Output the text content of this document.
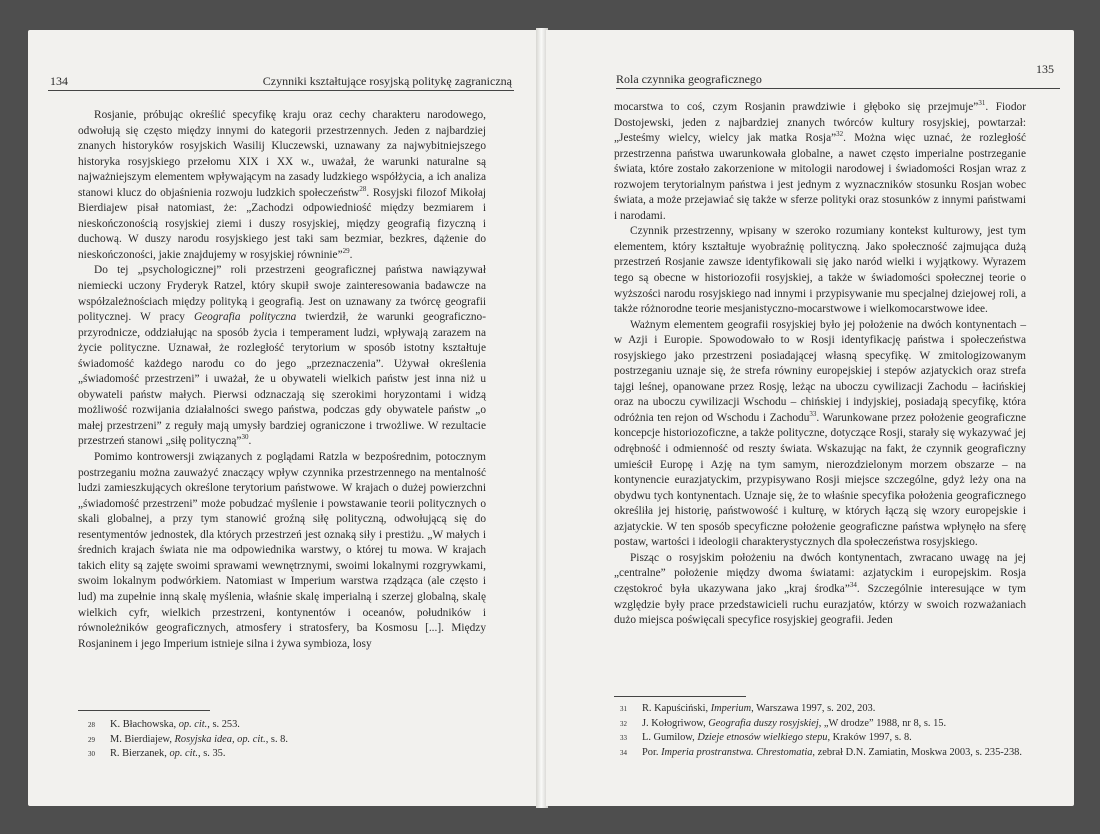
134	Czynniki kształtujące rosyjską politykę zagraniczną

Rosjanie, próbując określić specyfikę kraju oraz cechy charakteru narodowego, odwołują się często między innymi do kategorii przestrzennych. Jeden z najbardziej znanych historyków rosyjskich Wasilij Kluczewski, uznawany za najwybitniejszego historyka rosyjskiego przełomu XIX i XX w., uważał, że warunki naturalne są najważniejszym elementem wpływającym na zasady ludzkiego współżycia, a ich analiza stanowi klucz do objaśnienia rozwoju ludzkich społeczeństw$^{28}$. Rosyjski filozof Mikołaj Bierdiajew pisał natomiast, że: „Zachodzi odpowiedniość między bezmiarem i nieskończonością rosyjskiej ziemi i duszy rosyjskiej, między geografią fizyczną i duchową. W duszy narodu rosyjskiego jest taki sam bezmiar, bezkres, dążenie do nieskończoności, jakie znajdujemy w rosyjskiej równinie”$^{29}$.

Do tej „psychologicznej” roli przestrzeni geograficznej państwa nawiązywał niemiecki uczony Fryderyk Ratzel, który skupił swoje zainteresowania badawcze na współzależnościach między polityką i geografią. Jest on uznawany za twórcę geografii politycznej. W pracy Geografia polityczna twierdził, że warunki geograficzno-przyrodnicze, oddziałując na sposób życia i temperament ludzi, wpływają zarazem na życie polityczne. Uznawał, że rozległość terytorium w sposób istotny kształtuje świadomość każdego narodu co do jego „przeznaczenia”. Używał określenia „świadomość przestrzeni” i uważał, że u obywateli wielkich państw jest inna niż u obywateli państw małych. Pierwsi odznaczają się szerokimi horyzontami i widzą możliwość rozwijania działalności swego państwa, podczas gdy obywatele państw „o małej przestrzeni” z reguły mają umysły bardziej ograniczone i trwożliwe. W rezultacie przestrzeń stanowi „siłę polityczną”$^{30}$.

Pomimo kontrowersji związanych z poglądami Ratzla w bezpośrednim, potocznym postrzeganiu można zauważyć znaczący wpływ czynnika przestrzennego na mentalność ludzi zamieszkujących określone terytorium państwowe. W krajach o dużej powierzchni „świadomość przestrzeni” może pobudzać myślenie i powstawanie teorii politycznych o skali globalnej, a przy tym stanowić groźną siłę polityczną, odwołującą się do resentymentów jednostek, dla których przestrzeń jest oznaką siły i prestiżu. „W małych i średnich krajach świata nie ma odpowiednika warstwy, o której tu mowa. W krajach takich elity są zajęte swoimi sprawami wewnętrznymi, swoimi lokalnymi rozgrywkami, swoim lokalnym podwórkiem. Natomiast w Imperium warstwa rządząca (ale często i lud) ma zupełnie inną skalę myślenia, właśnie skalę imperialną i szerzej globalną, skalę wielkich cyfr, wielkich przestrzeni, kontynentów i oceanów, południków i równoleżników geograficznych, atmosfery i stratosfery, ba Kosmosu [...]. Między Rosjaninem i jego Imperium istnieje silna i żywa symbioza, losy

28	K. Błachowska, op. cit., s. 253.
29	M. Bierdiajew, Rosyjska idea, op. cit., s. 8.
30	R. Bierzanek, op. cit., s. 35.
Rola czynnika geograficznego
135

mocarstwa to coś, czym Rosjanin prawdziwie i głęboko się przejmuje”$^{31}$. Fiodor Dostojewski, jeden z najbardziej znanych twórców kultury rosyjskiej, powtarzał: „Jesteśmy wielcy, wielcy jak matka Rosja”$^{32}$. Można więc uznać, że rozległość przestrzenna państwa uwarunkowała globalne, a nawet często imperialne postrzeganie świata, które zostało zakorzenione w mitologii narodowej i świadomości Rosjan wraz z rozwojem terytorialnym państwa i jest jednym z wyznaczników stosunku Rosjan wobec świata, a może przejawiać się także w sferze polityki oraz stosunków z innymi państwami i narodami.

Czynnik przestrzenny, wpisany w szeroko rozumiany kontekst kulturowy, jest tym elementem, który kształtuje wyobraźnię polityczną. Jako społeczność zajmująca dużą przestrzeń Rosjanie zawsze identyfikowali się jako naród wielki i wyjątkowy. Wyrazem tego są obecne w historiozofii rosyjskiej, a także w świadomości społecznej teorie o wyższości narodu rosyjskiego nad innymi i przypisywanie mu specjalnej dziejowej roli, a także różnorodne teorie mesjanistyczno-mocarstwowe i wielkomocarstwowe idee.

Ważnym elementem geografii rosyjskiej było jej położenie na dwóch kontynentach – w Azji i Europie. Spowodowało to w Rosji identyfikację państwa i społeczeństwa rosyjskiego jako przestrzeni posiadającej własną specyfikę. W zmitologizowanym postrzeganiu uznaje się, że strefa równiny europejskiej i stepów azjatyckich oraz strefa tajgi leśnej, opanowane przez Rosję, leżąc na uboczu cywilizacji Zachodu – łacińskiej oraz na uboczu cywilizacji Wschodu – chińskiej i indyjskiej, posiadają specyfikę, która odróżnia ten rejon od Wschodu i Zachodu$^{33}$. Warunkowane przez położenie geograficzne koncepcje historiozoficzne, a także polityczne, dotyczące Rosji, starały się wykazywać jej odrębność i odmienność od reszty świata. Wskazując na fakt, że czynnik geograficzny umieścił Europę i Azję na tym samym, nierozdzielonym morzem obszarze – na kontynencie eurazjatyckim, przypisywano Rosji miejsce szczególne, gdyż leży ona na obydwu tych kontynentach. Uznaje się, że to właśnie specyfika położenia geograficznego określiła jej historię, państwowość i kulturę, w których łączą się wzory europejskie i azjatyckie. W ten sposób specyficzne położenie geograficzne państwa wpłynęło na sferę postaw, wartości i ideologii charakterystycznych dla społeczeństwa rosyjskiego.

Pisząc o rosyjskim położeniu na dwóch kontynentach, zwracano uwagę na jej „centralne” położenie między dwoma światami: azjatyckim i europejskim. Rosja częstokroć była ukazywana jako „kraj środka”$^{34}$. Szczególnie interesujące w tym względzie były prace przedstawicieli ruchu eurazjatów, którzy w swoich rozważaniach dużo miejsca poświęcali specyfice rosyjskiej geografii. Jeden

31	R. Kapuściński, Imperium, Warszawa 1997, s. 202, 203.
32	J. Kołogriwow, Geografia duszy rosyjskiej, „W drodze” 1988, nr 8, s. 15.
33	L. Gumilow, Dzieje etnosów wielkiego stepu, Kraków 1997, s. 8.
34	Por. Imperia prostranstwa. Chrestomatia, zebrał D.N. Zamiatin, Moskwa 2003, s. 235-238.
